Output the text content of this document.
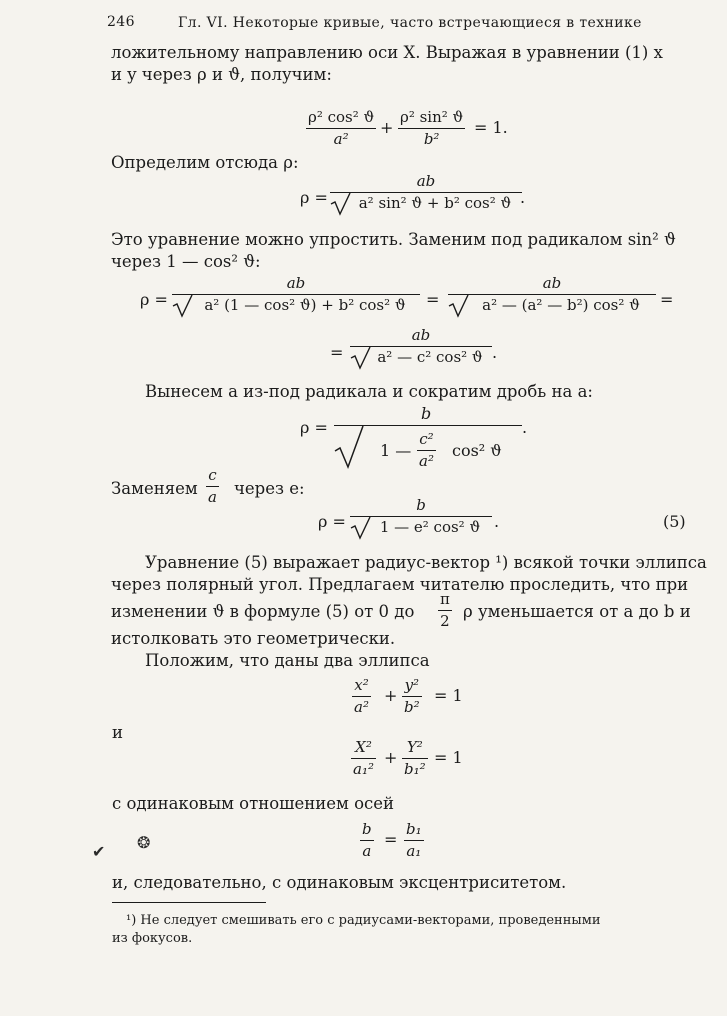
246	Гл. VI. Некоторые кривые, часто встречающиеся в технике
ложительному направлению оси X. Выражая в уравнении (1) x
и y через ρ и ϑ, получим:
$\frac{\text{ρ² cos² ϑ}}{\text{a²}} + \frac{\text{ρ² sin² ϑ}}{\text{b²}} = 1$.
Определим отсюда ρ:
$\rho = \frac{ab}{\text{a² sin² ϑ + b² cos² ϑ}}$
.
Это уравнение можно упростить. Заменим под радикалом sin² ϑ
через 1 — cos² ϑ:
$\rho = \frac{ab}{\text{a² (1 — cos² ϑ) + b² cos² ϑ}} = \frac{ab}{\text{a² — (a² — b²) cos² ϑ}}$ =
= $\frac{ab}{\text{a² — c² cos² ϑ}}$ .
Вынесем a из-под радикала и сократим дробь на a:
ρ =
b
1 — $\frac{\text{c²}}{\text{a²}} \cos^2$ ϑ
.
Заменяем $\frac{c}{a}$ через e:
$\rho = \frac{b}{\text{1 — e² cos² ϑ}}$ .	(5)
Уравнение (5) выражает радиус-вектор ¹) всякой точки эллипса
через полярный угол. Предлагаем читателю проследить, что при
изменении ϑ в формуле (5) от 0 до $\frac{\pi}{2}$ ρ уменьшается от a до b и
истолковать это геометрически.
Положим, что даны два эллипса
$\frac{\text{x²}}{\text{a²}} + \frac{\text{y²}}{\text{b²}} = 1$
и
$\frac{\text{X²}}{\text{a₁²}} + \frac{\text{Y²}}{\text{b₁²}} = 1$
с одинаковым отношением осей
$\frac{b}{a} = \frac{\text{b₁}}{\text{a₁}}$
✔ ❂
и, следовательно, с одинаковым эксцентриситетом.
¹) Не следует смешивать его с радиусами-векторами, проведенными
из фокусов.
